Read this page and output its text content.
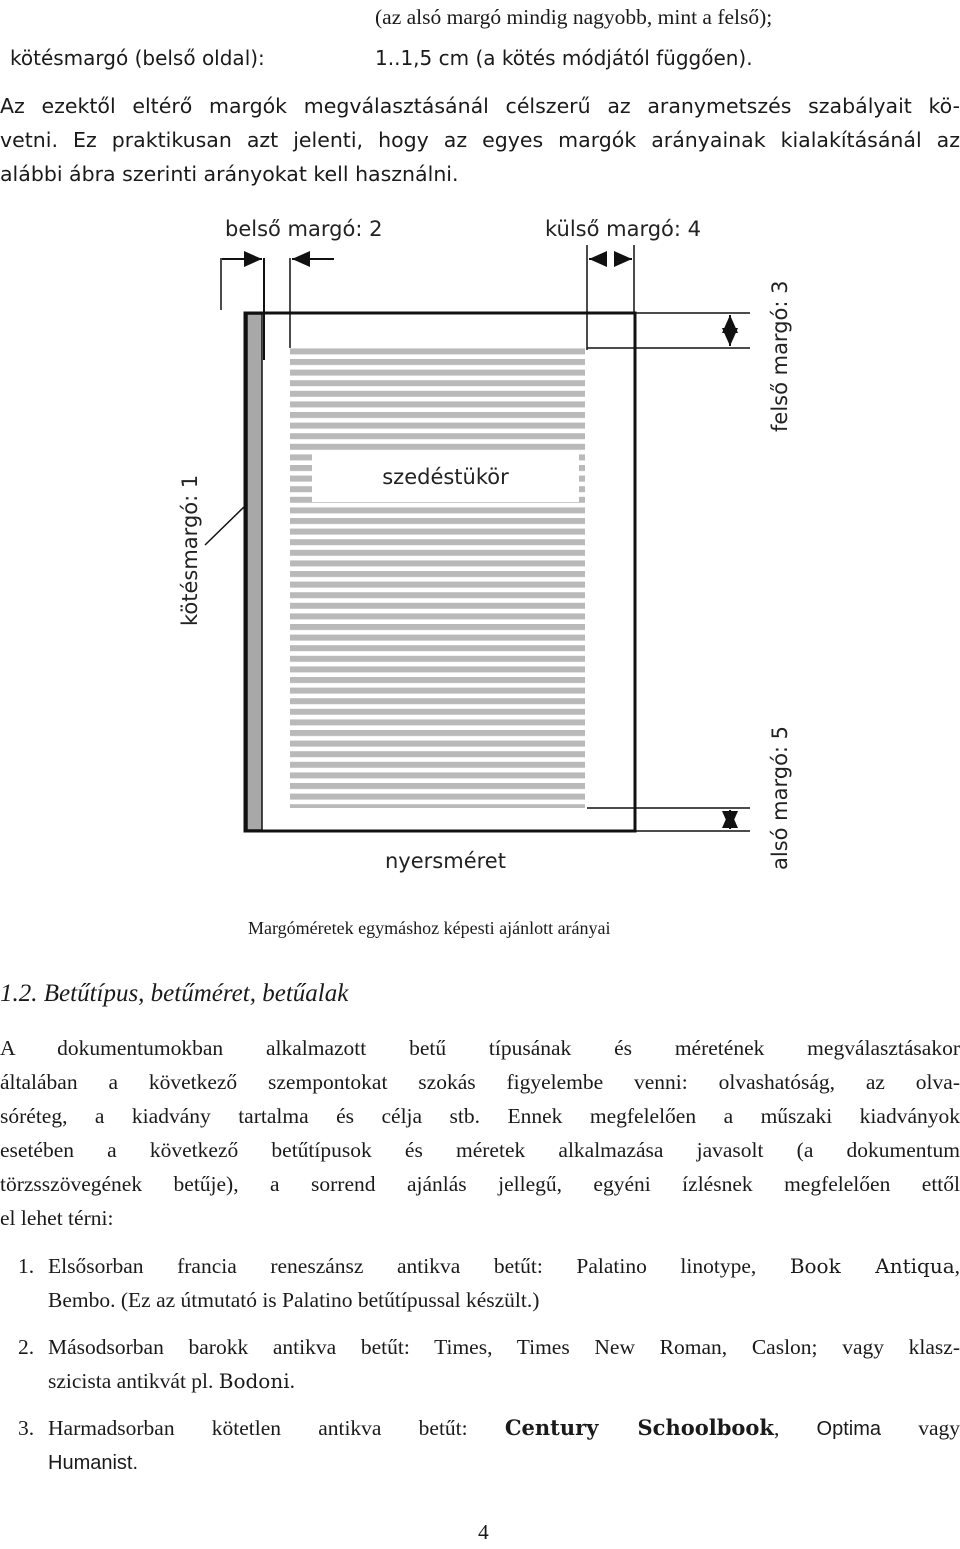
(az alsó margó mindig nagyobb, mint a felső);
kötésmargó (belső oldal):	1..1,5 cm (a kötés módjától függően).
Az ezektől eltérő margók megválasztásánál célszerű az aranymetszés szabályait kö-
vetni. Ez praktikusan azt jelenti, hogy az egyes margók arányainak kialakításánál az
alábbi ábra szerinti arányokat kell használni.
belső margó: 2	külső margó: 4
felső margó: 3
alsó margó: 5
kötésmargó: 1	szedéstükör
nyersméret
Margóméretek egymáshoz képesti ajánlott arányai
1.2. Betűtípus, betűméret, betűalak
A dokumentumokban alkalmazott betű típusának és méretének megválasztásakor
általában a következő szempontokat szokás figyelembe venni: olvashatóság, az olva-
sóréteg, a kiadvány tartalma és célja stb. Ennek megfelelően a műszaki kiadványok
esetében a következő betűtípusok és méretek alkalmazása javasolt (a dokumentum
törzsszövegének betűje), a sorrend ajánlás jellegű, egyéni ízlésnek megfelelően ettől
el lehet térni:
1. Elsősorban francia reneszánsz antikva betűt: Palatino linotype, Book Antiqua,
Bembo. (Ez az útmutató is Palatino betűtípussal készült.)
2. Másodsorban barokk antikva betűt: Times, Times New Roman, Caslon; vagy klasz-
szicista antikvát pl. Bodoni.
3. Harmadsorban kötetlen antikva betűt: Century Schoolbook, Optima vagy
Humanist.
4
